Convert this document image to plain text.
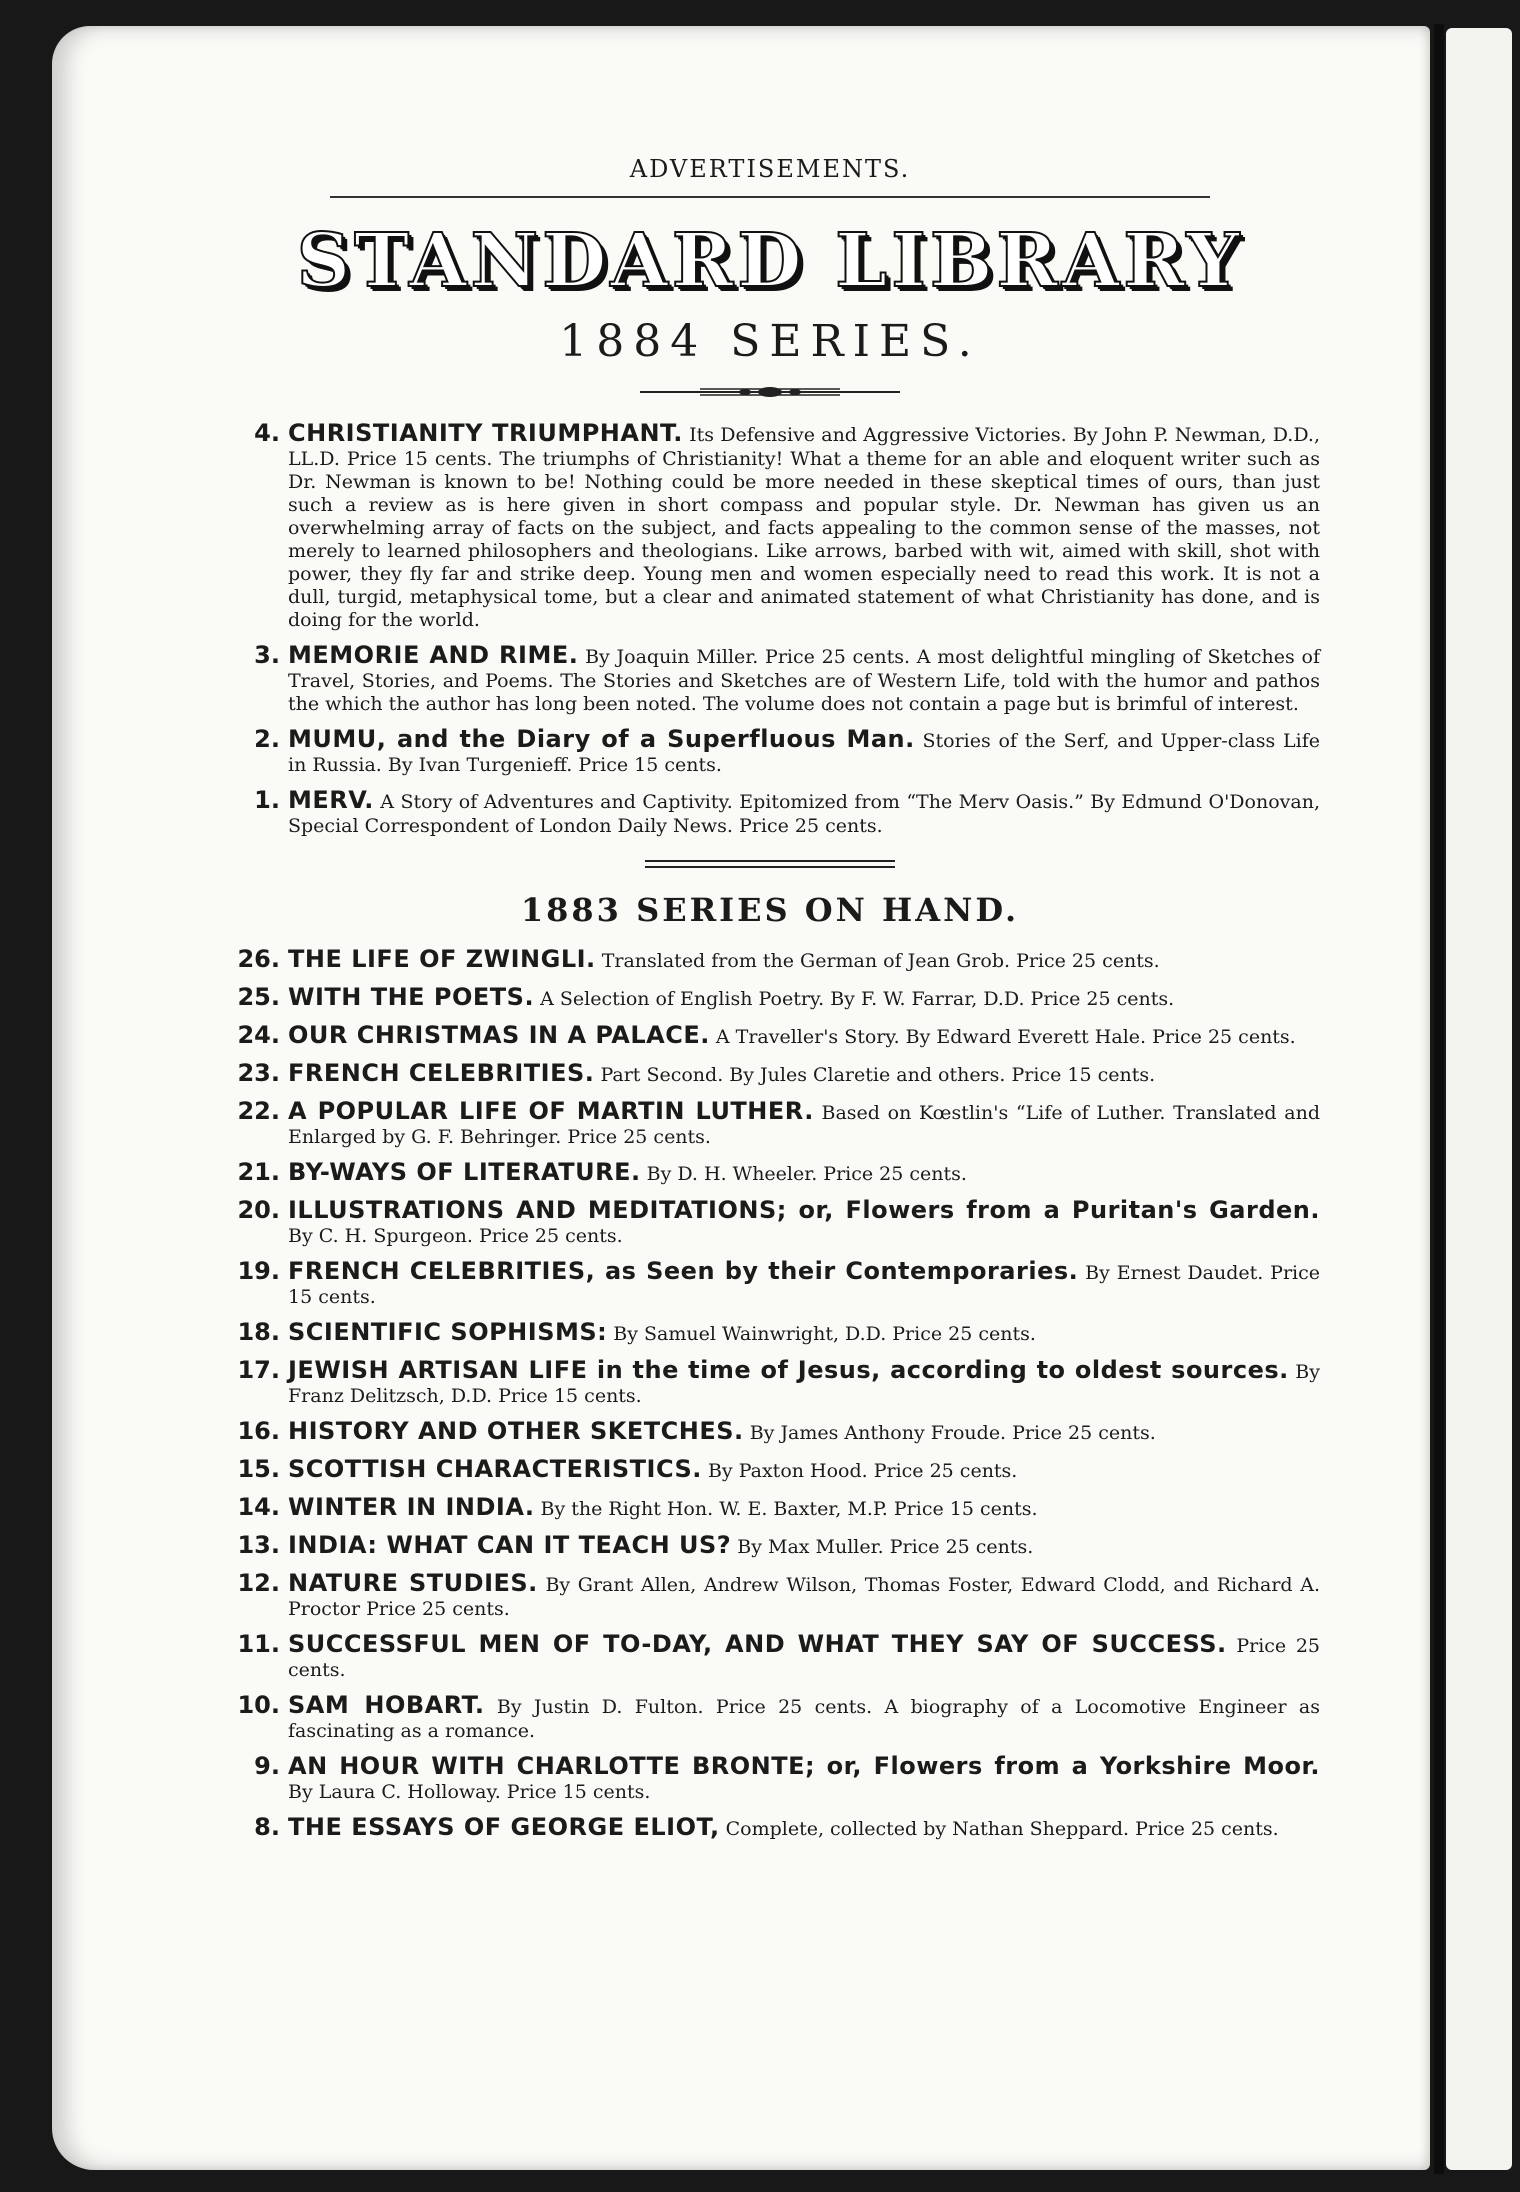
ADVERTISEMENTS.
STANDARD LIBRARY
1884 SERIES.
4. CHRISTIANITY TRIUMPHANT. Its Defensive and Aggressive Victories. By John P. Newman, D.D., LL.D. Price 15 cents. The triumphs of Christianity! What a theme for an able and eloquent writer such as Dr. Newman is known to be! Nothing could be more needed in these skeptical times of ours, than just such a review as is here given in short compass and popular style. Dr. Newman has given us an overwhelming array of facts on the subject, and facts appealing to the common sense of the masses, not merely to learned philosophers and theologians. Like arrows, barbed with wit, aimed with skill, shot with power, they fly far and strike deep. Young men and women especially need to read this work. It is not a dull, turgid, metaphysical tome, but a clear and animated statement of what Christianity has done, and is doing for the world.

3. MEMORIE AND RIME. By Joaquin Miller. Price 25 cents. A most delightful mingling of Sketches of Travel, Stories, and Poems. The Stories and Sketches are of Western Life, told with the humor and pathos the which the author has long been noted. The volume does not contain a page but is brimful of interest.

2. MUMU, and the Diary of a Superfluous Man. Stories of the Serf, and Upper-class Life in Russia. By Ivan Turgenieff. Price 15 cents.

1. MERV. A Story of Adventures and Captivity. Epitomized from “The Merv Oasis.” By Edmund O'Donovan, Special Correspondent of London Daily News. Price 25 cents.

1883 SERIES ON HAND.
26. THE LIFE OF ZWINGLI. Translated from the German of Jean Grob. Price 25 cents.

25. WITH THE POETS. A Selection of English Poetry. By F. W. Farrar, D.D. Price 25 cents.

24. OUR CHRISTMAS IN A PALACE. A Traveller's Story. By Edward Everett Hale. Price 25 cents.

23. FRENCH CELEBRITIES. Part Second. By Jules Claretie and others. Price 15 cents.

22. A POPULAR LIFE OF MARTIN LUTHER. Based on Kœstlin's “Life of Luther. Translated and Enlarged by G. F. Behringer. Price 25 cents.

21. BY-WAYS OF LITERATURE. By D. H. Wheeler. Price 25 cents.

20. ILLUSTRATIONS AND MEDITATIONS; or, Flowers from a Puritan's Garden. By C. H. Spurgeon. Price 25 cents.

19. FRENCH CELEBRITIES, as Seen by their Contemporaries. By Ernest Daudet. Price 15 cents.

18. SCIENTIFIC SOPHISMS: By Samuel Wainwright, D.D. Price 25 cents.

17. JEWISH ARTISAN LIFE in the time of Jesus, according to oldest sources. By Franz Delitzsch, D.D. Price 15 cents.

16. HISTORY AND OTHER SKETCHES. By James Anthony Froude. Price 25 cents.

15. SCOTTISH CHARACTERISTICS. By Paxton Hood. Price 25 cents.

14. WINTER IN INDIA. By the Right Hon. W. E. Baxter, M.P. Price 15 cents.

13. INDIA: WHAT CAN IT TEACH US? By Max Muller. Price 25 cents.

12. NATURE STUDIES. By Grant Allen, Andrew Wilson, Thomas Foster, Edward Clodd, and Richard A. Proctor Price 25 cents.

11. SUCCESSFUL MEN OF TO-DAY, AND WHAT THEY SAY OF SUCCESS. Price 25 cents.

10. SAM HOBART. By Justin D. Fulton. Price 25 cents. A biography of a Locomotive Engineer as fascinating as a romance.

9. AN HOUR WITH CHARLOTTE BRONTE; or, Flowers from a Yorkshire Moor. By Laura C. Holloway. Price 15 cents.

8. THE ESSAYS OF GEORGE ELIOT, Complete, collected by Nathan Sheppard. Price 25 cents.
